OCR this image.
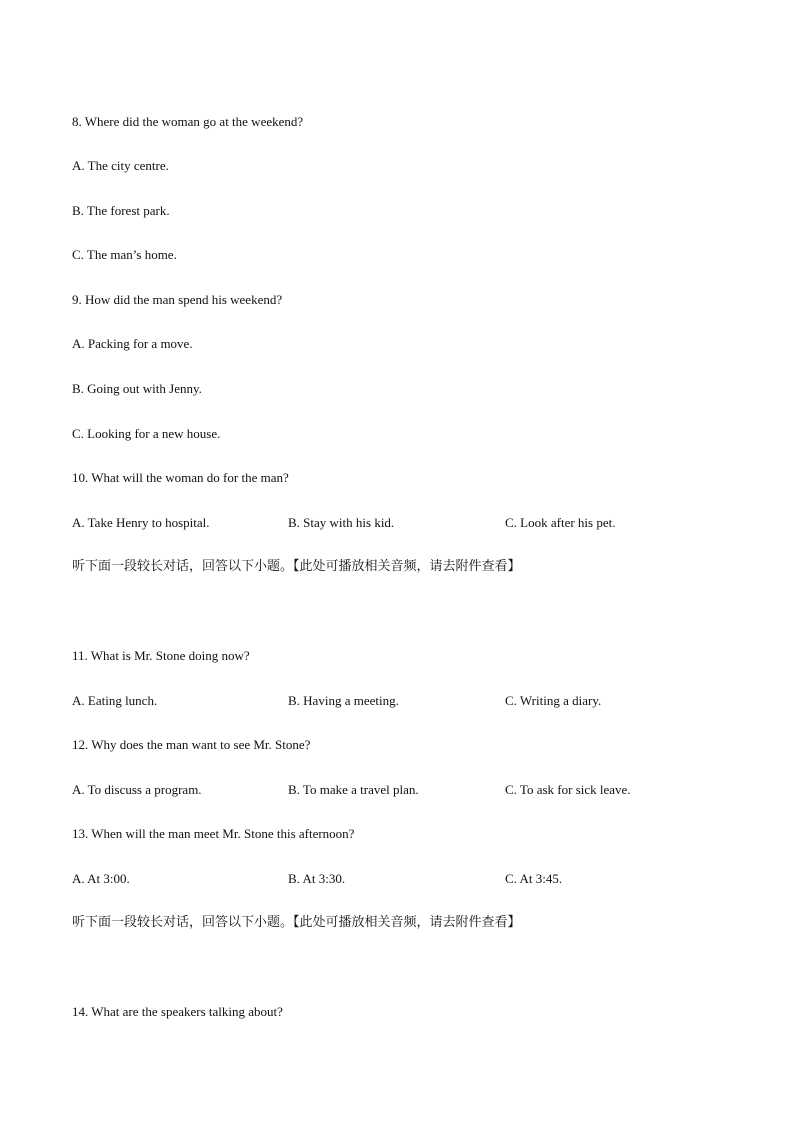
8. Where did the woman go at the weekend?
A. The city centre.
B. The forest park.
C. The man’s home.
9. How did the man spend his weekend?
A. Packing for a move.
B. Going out with Jenny.
C. Looking for a new house.
10. What will the woman do for the man?
A. Take Henry to hospital.	B. Stay with his kid.	C. Look after his pet.
听下面一段较长对话，回答以下小题。【此处可播放相关音频，请去附件查看】
11. What is Mr. Stone doing now?
A. Eating lunch.	B. Having a meeting.	C. Writing a diary.
12. Why does the man want to see Mr. Stone?
A. To discuss a program.	B. To make a travel plan.	C. To ask for sick leave.
13. When will the man meet Mr. Stone this afternoon?
A. At 3:00.	B. At 3:30.	C. At 3:45.
听下面一段较长对话，回答以下小题。【此处可播放相关音频，请去附件查看】
14. What are the speakers talking about?
